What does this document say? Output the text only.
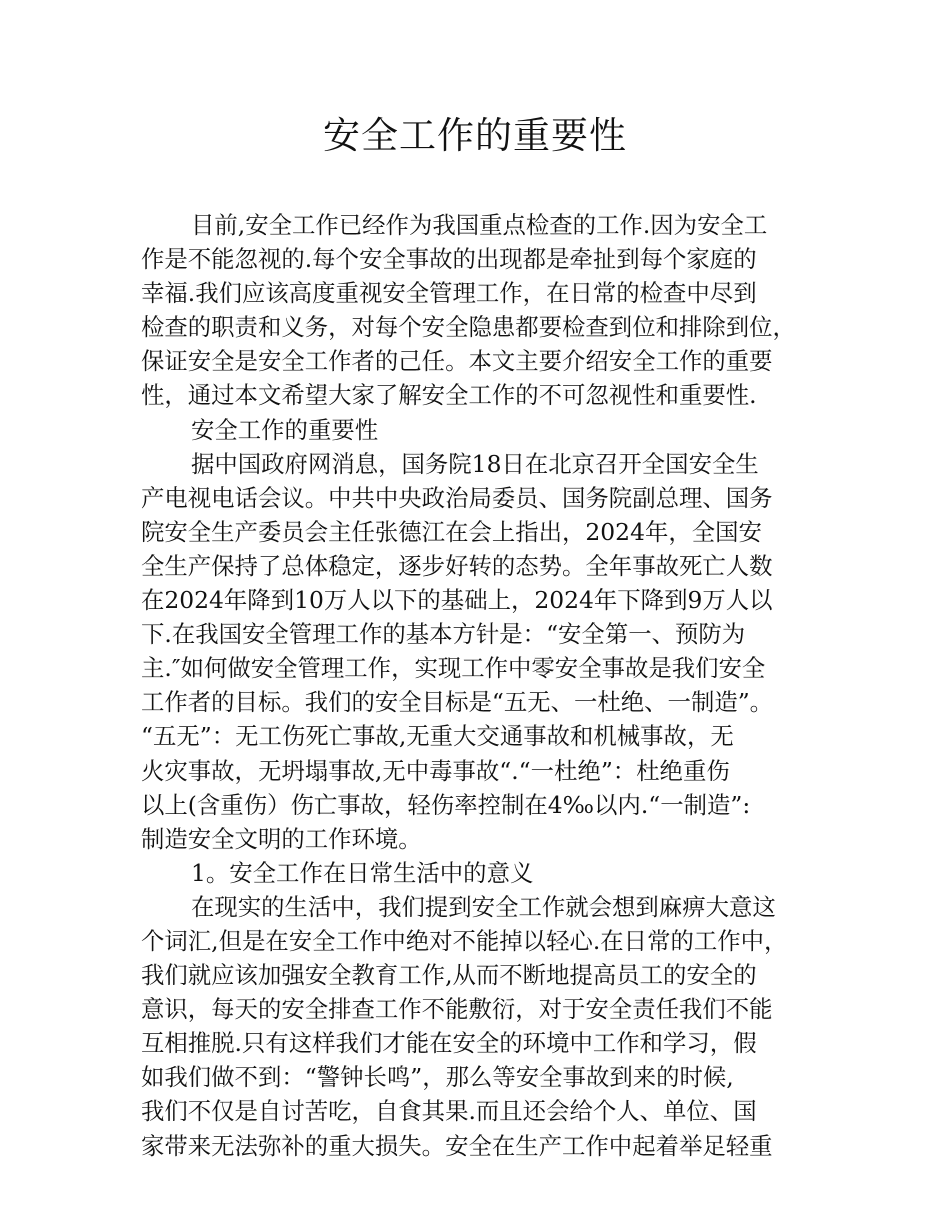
安全工作的重要性
目前,安全工作已经作为我国重点检查的工作.因为安全工
作是不能忽视的.每个安全事故的出现都是牵扯到每个家庭的
幸福.我们应该高度重视安全管理工作，在日常的检查中尽到
检查的职责和义务，对每个安全隐患都要检查到位和排除到位，
保证安全是安全工作者的己任。本文主要介绍安全工作的重要
性，通过本文希望大家了解安全工作的不可忽视性和重要性.
安全工作的重要性
据中国政府网消息，国务院18日在北京召开全国安全生
产电视电话会议。中共中央政治局委员、国务院副总理、国务
院安全生产委员会主任张德江在会上指出，2024年，全国安
全生产保持了总体稳定，逐步好转的态势。全年事故死亡人数
在2024年降到10万人以下的基础上，2024年下降到9万人以
下.在我国安全管理工作的基本方针是：“安全第一、预防为
主.″如何做安全管理工作，实现工作中零安全事故是我们安全
工作者的目标。我们的安全目标是“五无、一杜绝、一制造”。
“五无”：无工伤死亡事故,无重大交通事故和机械事故，无
火灾事故，无坍塌事故,无中毒事故“.“一杜绝”：杜绝重伤
以上(含重伤）伤亡事故，轻伤率控制在4‰以内.“一制造”:
制造安全文明的工作环境。
1。安全工作在日常生活中的意义
在现实的生活中，我们提到安全工作就会想到麻痹大意这
个词汇,但是在安全工作中绝对不能掉以轻心.在日常的工作中，
我们就应该加强安全教育工作,从而不断地提高员工的安全的
意识，每天的安全排查工作不能敷衍，对于安全责任我们不能
互相推脱.只有这样我们才能在安全的环境中工作和学习，假
如我们做不到：“警钟长鸣”，那么等安全事故到来的时候,
我们不仅是自讨苦吃，自食其果.而且还会给个人、单位、国
家带来无法弥补的重大损失。安全在生产工作中起着举足轻重
